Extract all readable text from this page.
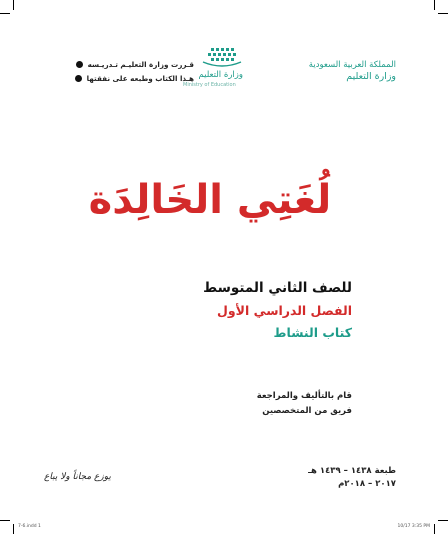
المملكة العربية السعودية
وزارة التعليم
وزارة التعليم
Ministry of Education
قـررت وزارة التعليـم تـدريـسه
هـذا الكتاب وطبعه على نفقتها
لُغَتِي الخَالِدَة
للصف الثاني المتوسط
الفصل الدراسي الأول
كتاب النشاط
قام بالتأليف والمراجعة
فريق من المتخصصين
طبعة ١٤٣٨ – ١٤٣٩ هـ
٢٠١٧ – ٢٠١٨م
يوزع مجاناً ولا يباع
7-6.indd 1	10/17 3:35 PM
